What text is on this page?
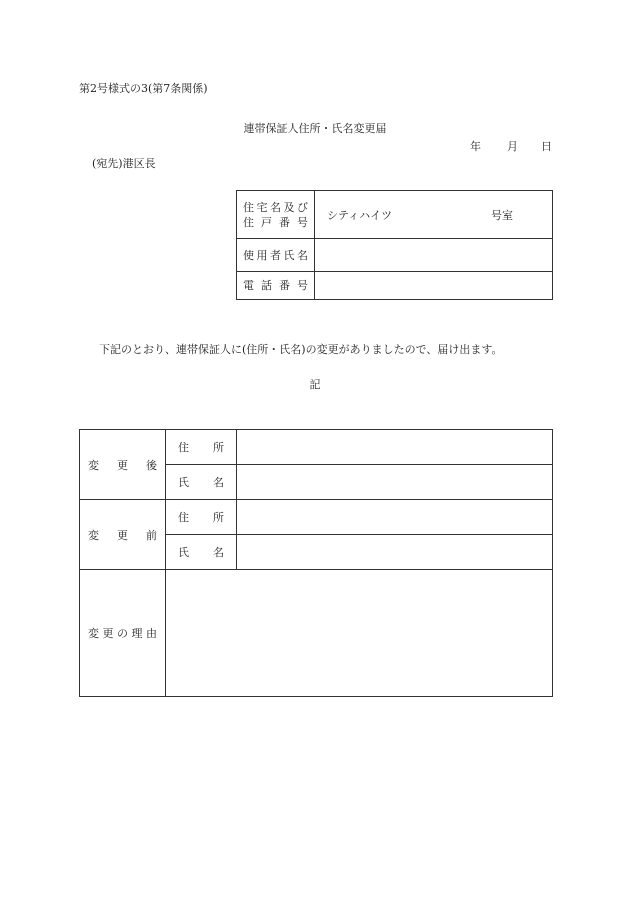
第2号様式の3(第7条関係)
連帯保証人住所・氏名変更届
年 月 日
(宛先)港区長
住宅名及び
住戸番号	シティハイツ 号室

使用者氏名	
電話番号	
下記のとおり、連帯保証人に(住所・氏名)の変更がありましたので、届け出ます。
記
変更後	住所	
	氏名	
変更前	住所	
	氏名	
変更の理由		
